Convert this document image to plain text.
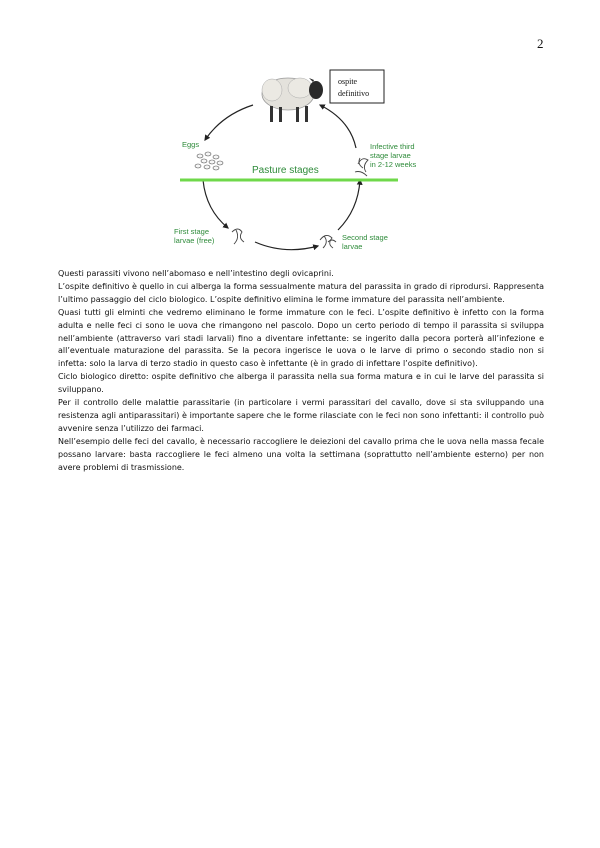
2
ospite
definitivo
Eggs
Pasture stages
Infective third
stage larvae
in 2-12 weeks
First stage
larvae (free)	Second stage
larvae

Questi parassiti vivono nell’abomaso e nell’intestino degli ovicaprini.

L’ospite definitivo è quello in cui alberga la forma sessualmente matura del parassita in grado di riprodursi. Rappresenta l’ultimo passaggio del ciclo biologico. L’ospite definitivo elimina le forme immature del parassita nell’ambiente.

Quasi tutti gli elminti che vedremo eliminano le forme immature con le feci. L’ospite definitivo è infetto con la forma adulta e nelle feci ci sono le uova che rimangono nel pascolo. Dopo un certo periodo di tempo il parassita si sviluppa nell’ambiente (attraverso vari stadi larvali) fino a diventare infettante: se ingerito dalla pecora porterà all’infezione e all’eventuale maturazione del parassita. Se la pecora ingerisce le uova o le larve di primo o secondo stadio non si infetta: solo la larva di terzo stadio in questo caso è infettante (è in grado di infettare l’ospite definitivo).

Ciclo biologico diretto: ospite definitivo che alberga il parassita nella sua forma matura e in cui le larve del parassita si sviluppano.

Per il controllo delle malattie parassitarie (in particolare i vermi parassitari del cavallo, dove si sta sviluppando una resistenza agli antiparassitari) è importante sapere che le forme rilasciate con le feci non sono infettanti: il controllo può avvenire senza l’utilizzo dei farmaci.

Nell’esempio delle feci del cavallo, è necessario raccogliere le deiezioni del cavallo prima che le uova nella massa fecale possano larvare: basta raccogliere le feci almeno una volta la settimana (soprattutto nell’ambiente esterno) per non avere problemi di trasmissione.
